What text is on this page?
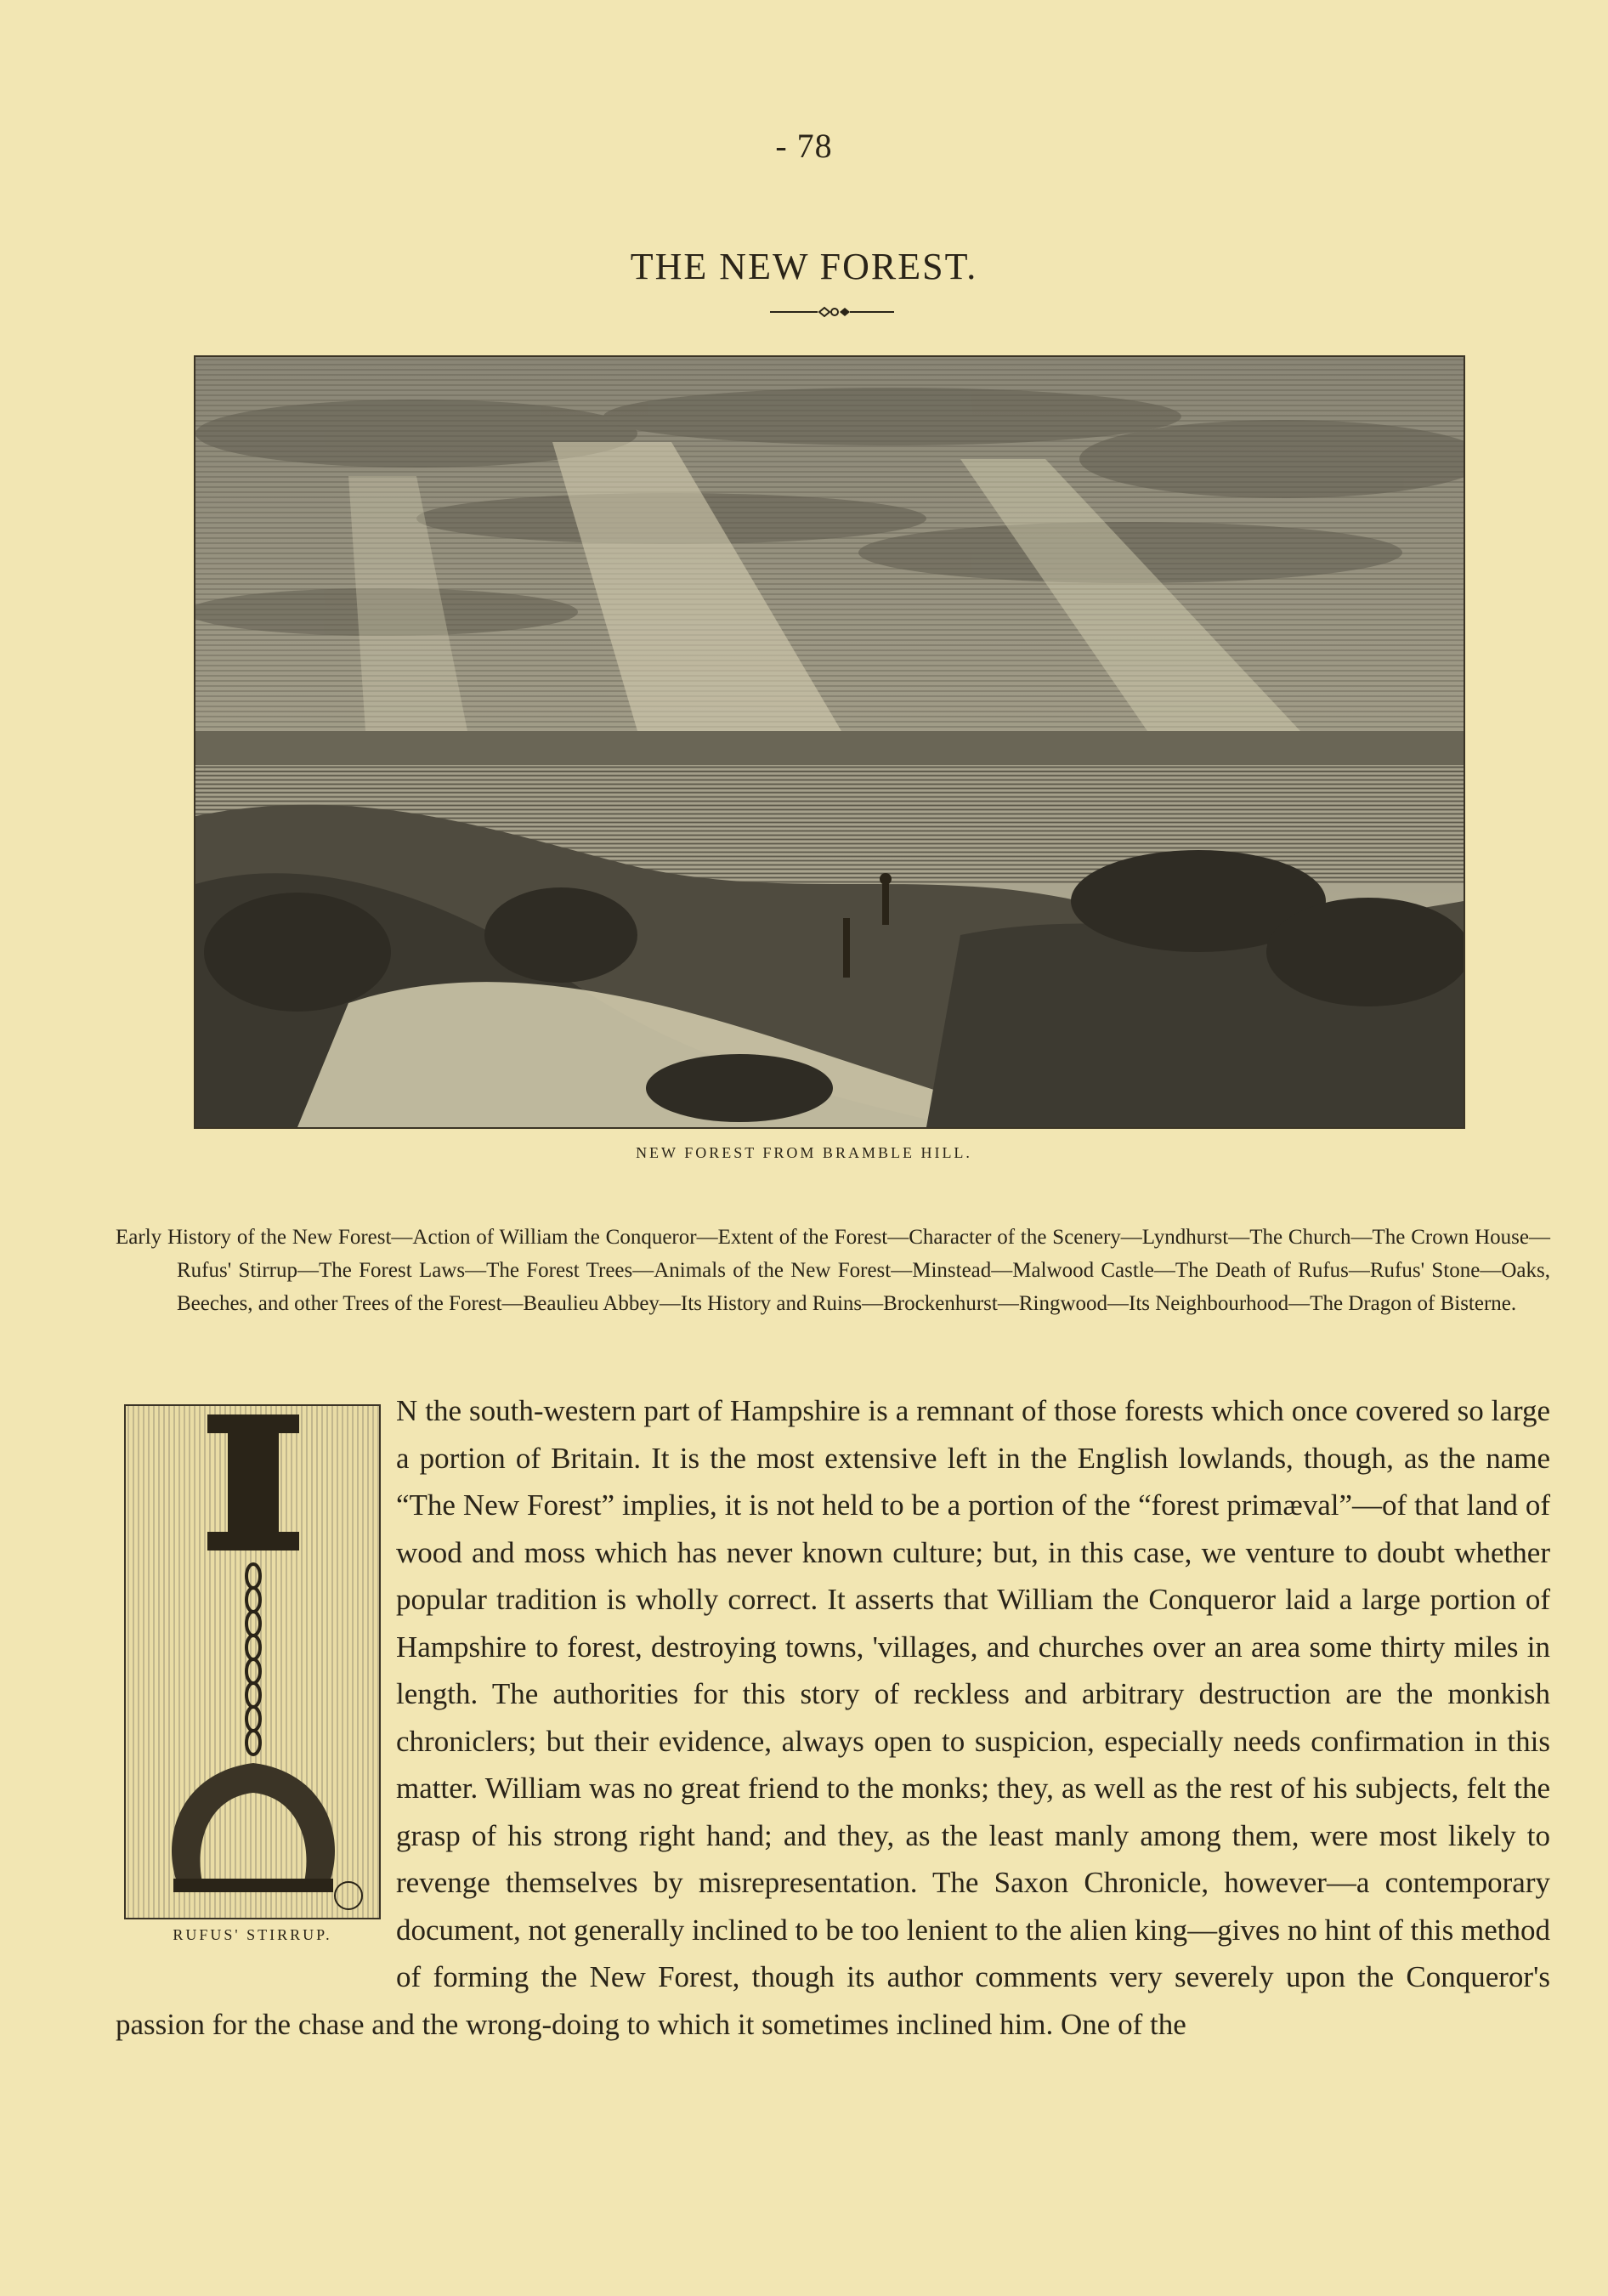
- 78
THE NEW FOREST.
NEW FOREST FROM BRAMBLE HILL.
Early History of the New Forest—Action of William the Conqueror—Extent of the Forest—Character of the Scenery—Lyndhurst—The Church—The Crown House—Rufus' Stirrup—The Forest Laws—The Forest Trees—Animals of the New Forest—Minstead—Malwood Castle—The Death of Rufus—Rufus' Stone—Oaks, Beeches, and other Trees of the Forest—Beaulieu Abbey—Its History and Ruins—Brockenhurst—Ringwood—Its Neighbourhood—The Dragon of Bisterne.
RUFUS' STIRRUP.
N the south-western part of Hampshire is a remnant of those forests which once covered so large a portion of Britain. It is the most extensive left in the English lowlands, though, as the name “The New Forest” implies, it is not held to be a portion of the “forest primæval”—of that land of wood and moss which has never known culture; but, in this case, we venture to doubt whether popular tradition is wholly correct. It asserts that William the Conqueror laid a large portion of Hampshire to forest, destroying towns, 'villages, and churches over an area some thirty miles in length. The authorities for this story of reckless and arbitrary destruction are the monkish chroniclers; but their evidence, always open to suspicion, especially needs confirmation in this matter. William was no great friend to the monks; they, as well as the rest of his subjects, felt the grasp of his strong right hand; and they, as the least manly among them, were most likely to revenge themselves by misrepresentation. The Saxon Chronicle, however—a contemporary document, not generally inclined to be too lenient to the alien king—gives no hint of this method of forming the New Forest, though its author comments very severely upon the Conqueror's passion for the chase and the wrong-doing to which it sometimes inclined him. One of the
